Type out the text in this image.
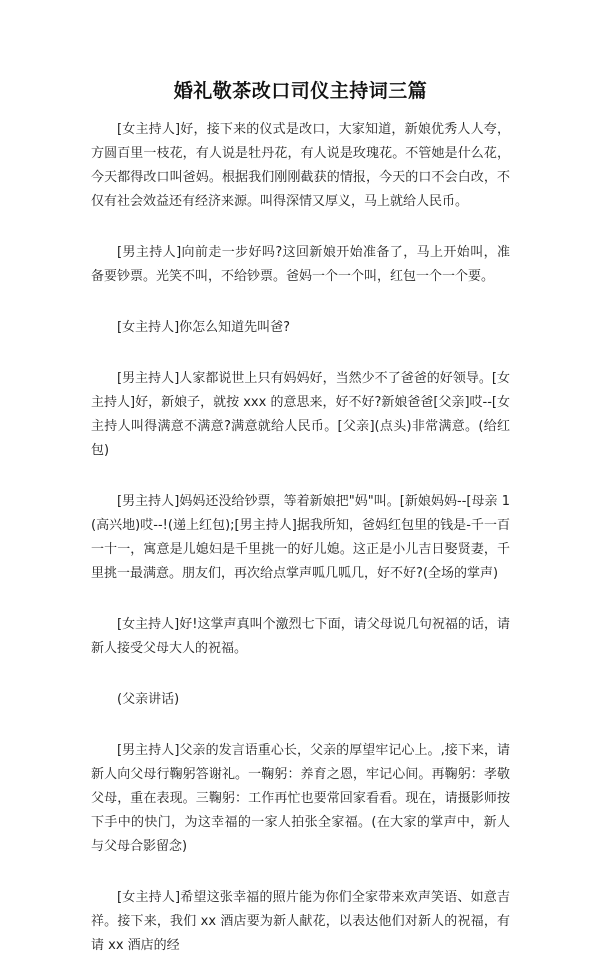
婚礼敬茶改口司仪主持词三篇

[女主持人]好，接下来的仪式是改口，大家知道，新娘优秀人人夸，方圆百里一枝花，有人说是牡丹花，有人说是玫瑰花。不管她是什么花，今天都得改口叫爸妈。根据我们刚刚截获的情报，今天的口不会白改，不仅有社会效益还有经济来源。叫得深情又厚义，马上就给人民币。

[男主持人]向前走一步好吗?这回新娘开始准备了，马上开始叫，准备要钞票。光笑不叫，不给钞票。爸妈一个一个叫，红包一个一个要。

[女主持人]你怎么知道先叫爸?

[男主持人]人家都说世上只有妈妈好，当然少不了爸爸的好领导。[女主持人]好，新娘子，就按 xxx 的意思来，好不好?新娘爸爸[父亲]哎--[女主持人叫得满意不满意?满意就给人民币。[父亲](点头)非常满意。(给红包)

[男主持人]妈妈还没给钞票，等着新娘把"妈"叫。[新娘妈妈--[母亲 1(高兴地)哎--!(递上红包);[男主持人]据我所知，爸妈红包里的钱是-千一百一十一，寓意是儿媳妇是千里挑一的好儿媳。这正是小儿吉日娶贤妻，千里挑一最满意。朋友们，再次给点掌声呱几呱几，好不好?(全场的掌声)

[女主持人]好!这掌声真叫个激烈七下面，请父母说几句祝福的话，请新人接受父母大人的祝福。

(父亲讲话)

[男主持人]父亲的发言语重心长，父亲的厚望牢记心上。,接下来，请新人向父母行鞠躬答谢礼。一鞠躬：养育之恩，牢记心间。再鞠躬：孝敬父母，重在表现。三鞠躬：工作再忙也要常回家看看。现在，请摄影师按下手中的快门，为这幸福的一家人拍张全家福。(在大家的掌声中，新人与父母合影留念)

[女主持人]希望这张幸福的照片能为你们全家带来欢声笑语、如意吉祥。接下来，我们 xx 酒店要为新人献花，以表达他们对新人的祝福，有请 xx 酒店的经
